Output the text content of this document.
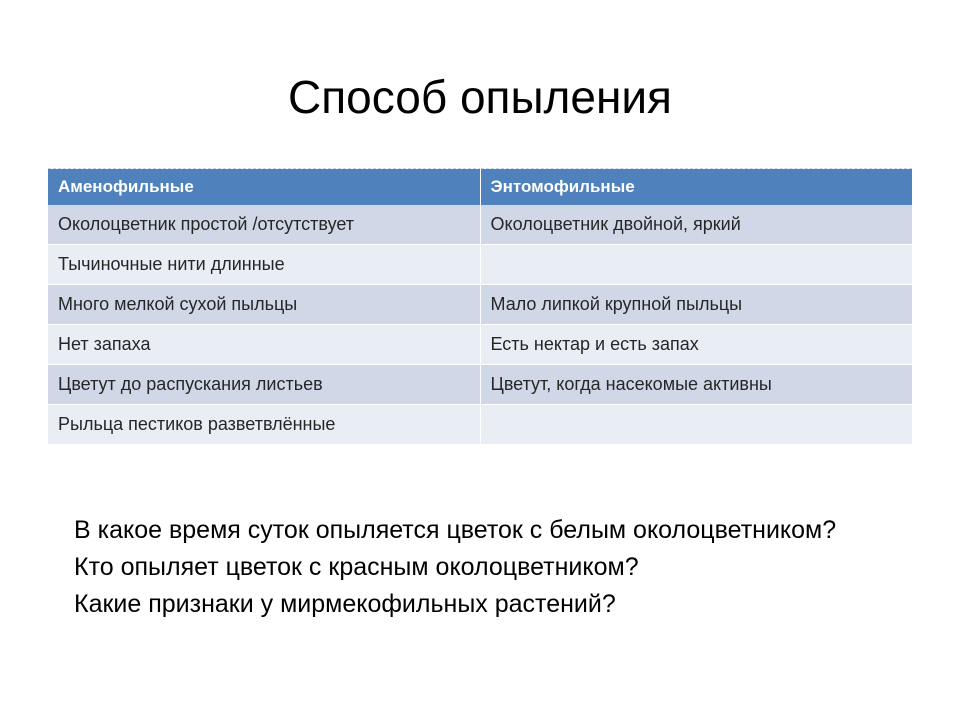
Способ опыления
Аменофильные	Энтомофильные
Околоцветник простой /отсутствует	Околоцветник двойной, яркий
Тычиночные нити длинные	
Много мелкой сухой пыльцы	Мало липкой крупной пыльцы
Нет запаха	Есть нектар и есть запах
Цветут до распускания листьев	Цветут, когда насекомые активны
Рыльца пестиков разветвлённые	
В какое время суток опыляется цветок с белым околоцветником?
Кто опыляет цветок с красным околоцветником?
Какие признаки у мирмекофильных растений?
